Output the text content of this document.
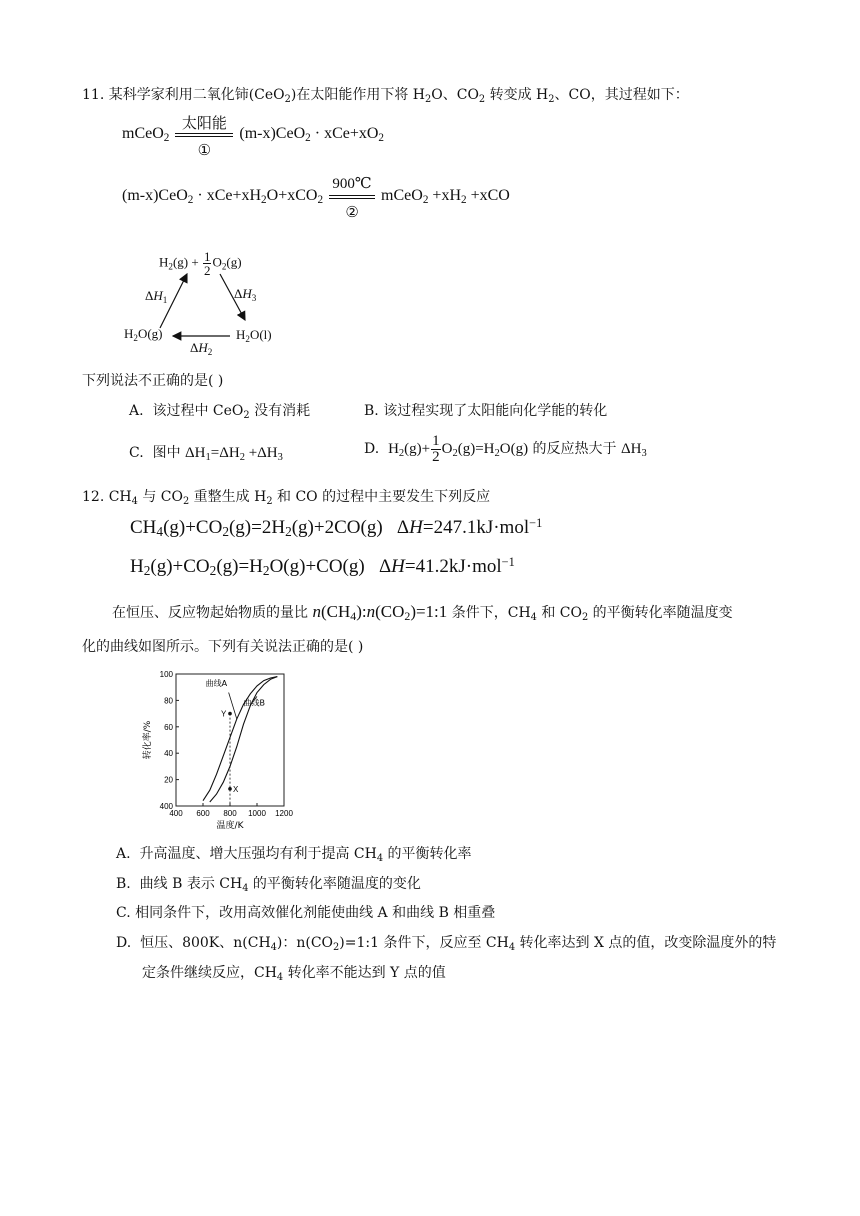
11. 某科学家利用二氧化铈(CeO$_2$)在太阳能作用下将 $H_2O$、$CO_2$ 转变成 $H_2$、CO，其过程如下：
mCeO$_2$
太阳能
①
$(m-x)CeO_2 \cdot xCe+xO_2$
$(m-x)CeO_2 \cdot xCe+xH_2O+xCO_2$
900℃
②
mCeO$_2$ $+xH_2 +xCO$
$H_2(g) + \frac{1}{2} O_2(g)$
$H_2O(g)$	$H_2O(l)$
$\Delta H_1$	$\Delta H_3$
$\Delta H_2$
下列说法不正确的是( )
A.  该过程中 CeO$_2$ 没有消耗	B. 该过程实现了太阳能向化学能的转化
C.  图中 $\Delta H_1=\Delta H_2 +\Delta H_3$
D.  $H_2(g)+ \frac{1}{2} O_2(g)=H_2O(g)$ 的反应热大于 $\Delta H_3$
12. $CH_4$ 与 $CO_2$ 重整生成 $H_2$ 和 CO 的过程中主要发生下列反应
$CH_4(g)+CO_2(g)=2H_2(g)+2CO(g)$   ΔH=247.1kJ·mol$^{-1}$
$H_2(g)+CO_2(g)=H_2O(g)+CO(g)$   ΔH=41.2kJ·mol$^{-1}$
在恒压、反应物起始物质的量比 $n(CH_4):n(CO_2)=1:1$ 条件下，$CH_4$ 和 $CO_2$ 的平衡转化率随温度变
化的曲线如图所示。下列有关说法正确的是( )
400
20
40
60
80
100
400 600 800 1000 1200
温度/K
转化率/%
曲线A
曲线B
Y
X
A.  升高温度、增大压强均有利于提高 $CH_4$ 的平衡转化率
B.  曲线 B 表示 $CH_4$ 的平衡转化率随温度的变化
C. 相同条件下，改用高效催化剂能使曲线 A 和曲线 B 相重叠
D.  恒压、800K、$n(CH_4)$：$n(CO_2)=1:1$ 条件下，反应至 $CH_4$ 转化率达到 X 点的值，改变除温度外的特
定条件继续反应，$CH_4$ 转化率不能达到 Y 点的值
